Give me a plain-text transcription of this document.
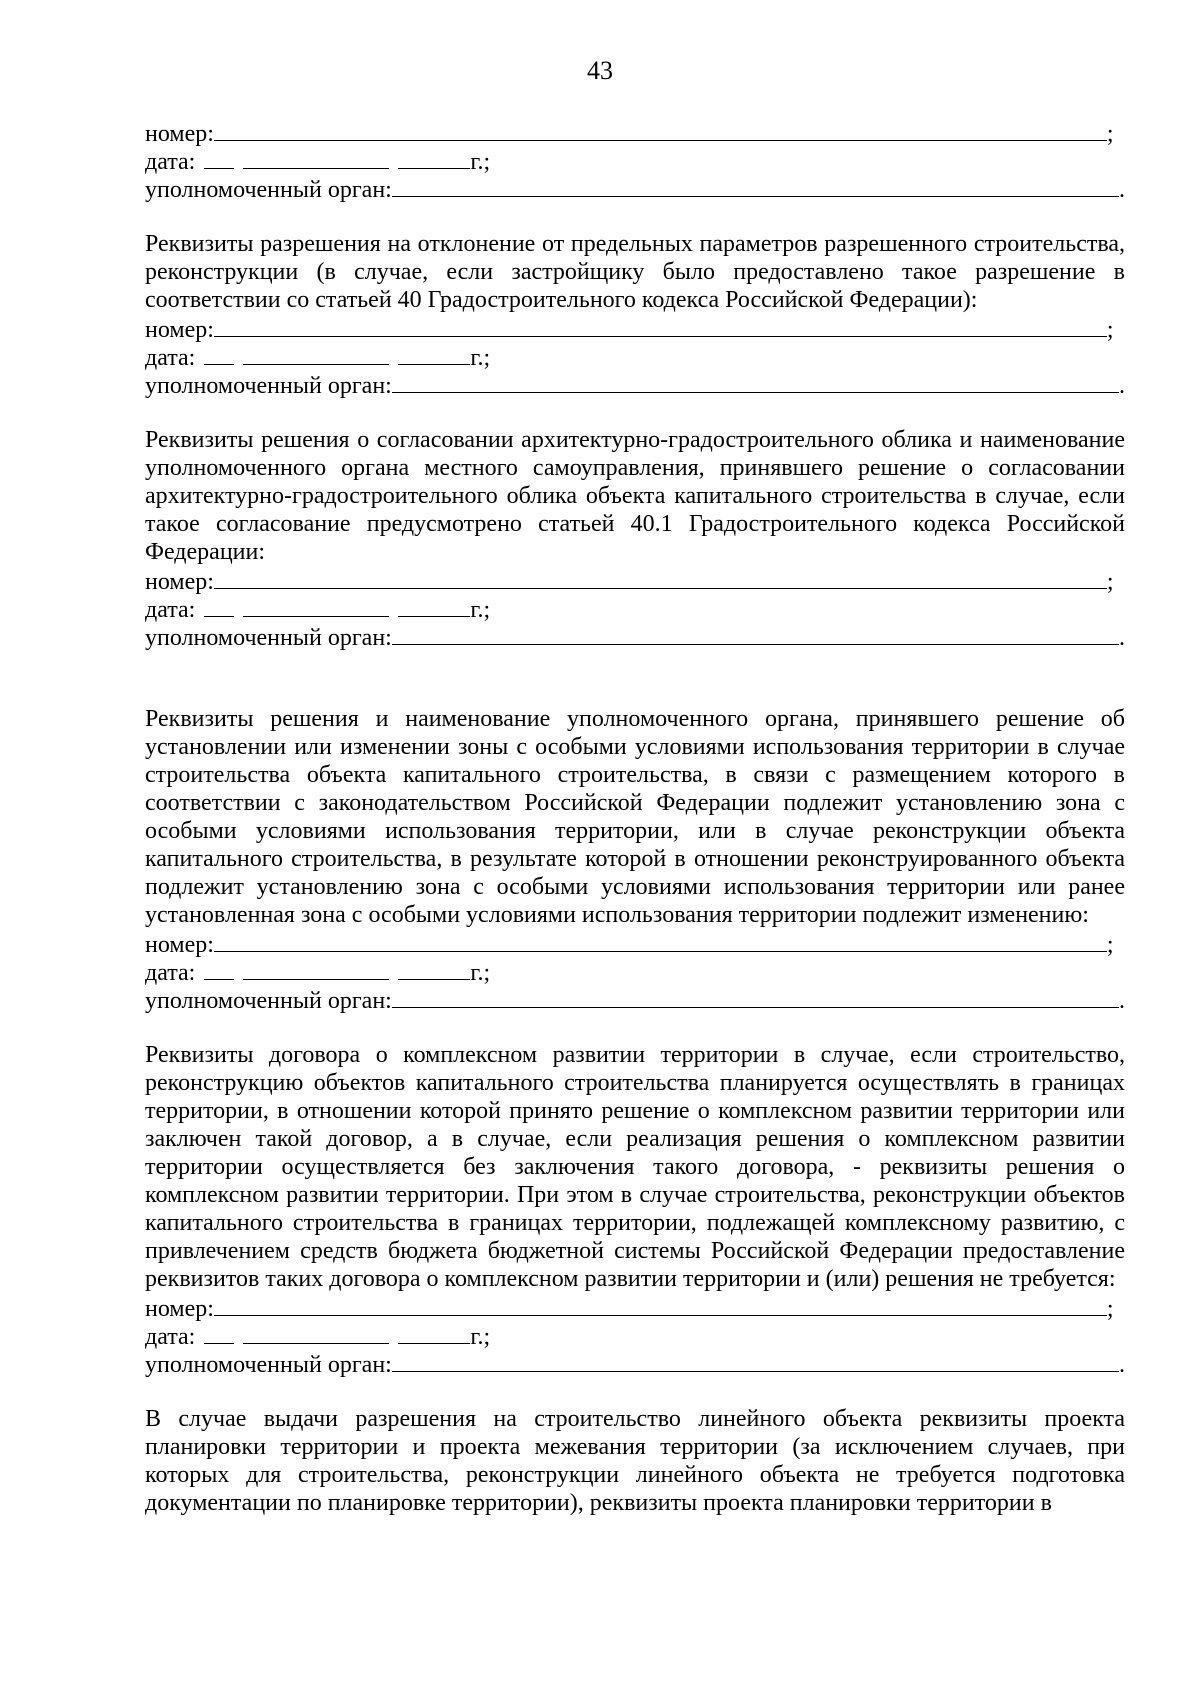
43
номер:	;
дата:	г.;
уполномоченный орган:	.
Реквизиты разрешения на отклонение от предельных параметров разрешенного строительства, реконструкции (в случае, если застройщику было предоставлено такое разрешение в соответствии со статьей 40 Градостроительного кодекса Российской Федерации):
номер:	;
дата:	г.;
уполномоченный орган:	.
Реквизиты решения о согласовании архитектурно-градостроительного облика и наименование уполномоченного органа местного самоуправления, принявшего решение о согласовании архитектурно-градостроительного облика объекта капитального строительства в случае, если такое согласование предусмотрено статьей 40.1 Градостроительного кодекса Российской Федерации:
номер:	;
дата:	г.;
уполномоченный орган:	.
Реквизиты решения и наименование уполномоченного органа, принявшего решение об установлении или изменении зоны с особыми условиями использования территории в случае строительства объекта капитального строительства, в связи с размещением которого в соответствии с законодательством Российской Федерации подлежит установлению зона с особыми условиями использования территории, или в случае реконструкции объекта капитального строительства, в результате которой в отношении реконструированного объекта подлежит установлению зона с особыми условиями использования территории или ранее установленная зона с особыми условиями использования территории подлежит изменению:
номер:	;
дата:	г.;
уполномоченный орган:	.
Реквизиты договора о комплексном развитии территории в случае, если строительство, реконструкцию объектов капитального строительства планируется осуществлять в границах территории, в отношении которой принято решение о комплексном развитии территории или заключен такой договор, а в случае, если реализация решения о комплексном развитии территории осуществляется без заключения такого договора, - реквизиты решения о комплексном развитии территории. При этом в случае строительства, реконструкции объектов капитального строительства в границах территории, подлежащей комплексному развитию, с привлечением средств бюджета бюджетной системы Российской Федерации предоставление реквизитов таких договора о комплексном развитии территории и (или) решения не требуется:
номер:	;
дата:	г.;
уполномоченный орган:	.
В случае выдачи разрешения на строительство линейного объекта реквизиты проекта планировки территории и проекта межевания территории (за исключением случаев, при которых для строительства, реконструкции линейного объекта не требуется подготовка документации по планировке территории), реквизиты проекта планировки территории в
